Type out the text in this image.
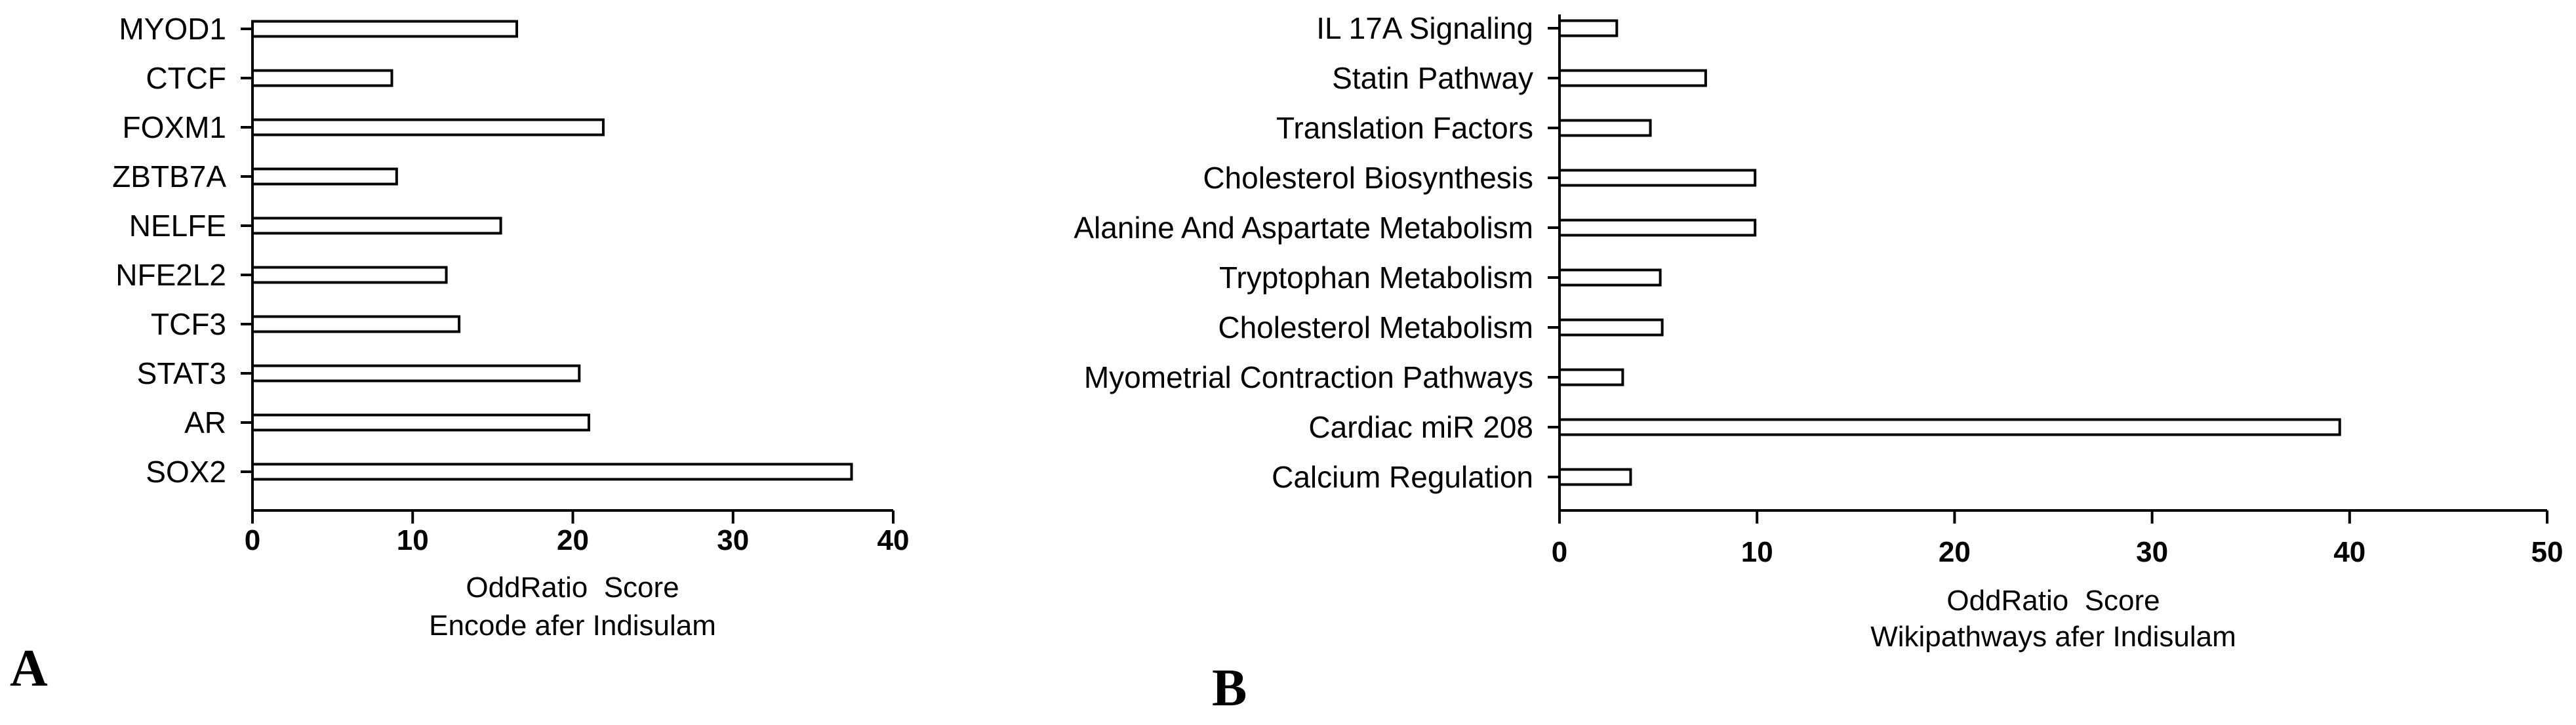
MYOD1
CTCF
FOXM1
ZBTB7A
NELFE
NFE2L2
TCF3
STAT3
AR
SOX2
0	10	20	30	40
OddRatio  Score
Encode afer Indisulam
A
IL 17A Signaling
Statin Pathway
Translation Factors
Cholesterol Biosynthesis
Alanine And Aspartate Metabolism
Tryptophan Metabolism
Cholesterol Metabolism
Myometrial Contraction Pathways
Cardiac miR 208
Calcium Regulation
0	10	20	30	40	50
OddRatio  Score
Wikipathways afer Indisulam
B
